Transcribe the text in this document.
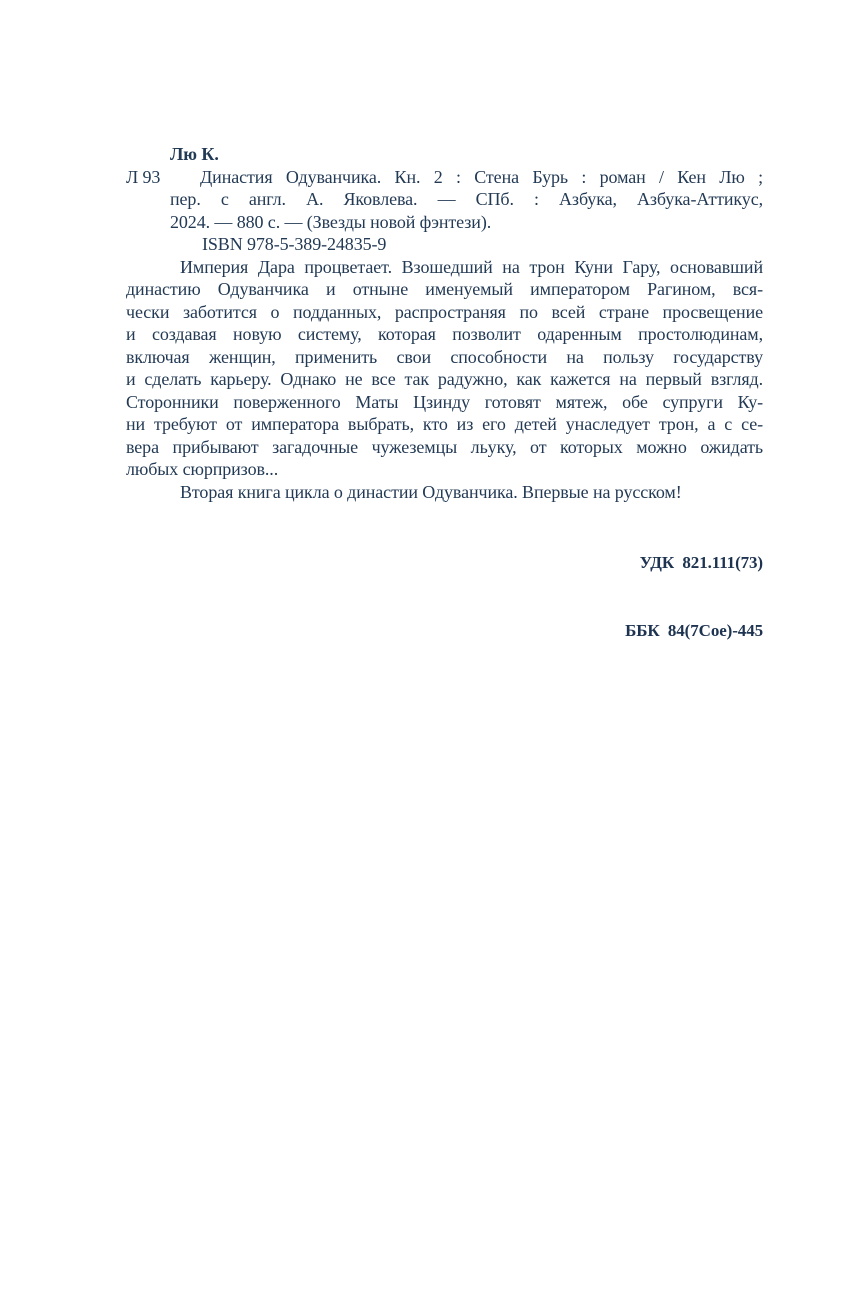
Л 93
Лю К.
Династия Одуванчика. Кн. 2 : Стена Бурь : роман / Кен Лю ;
пер. с англ. А. Яковлева. — СПб. : Азбука, Азбука-Аттикус,
2024. — 880 с. — (Звезды новой фэнтези).
ISBN 978-5-389-24835-9
Империя Дара процветает. Взошедший на трон Куни Гару, основавший
династию Одуванчика и отныне именуемый императором Рагином, вся-
чески заботится о подданных, распространяя по всей стране просвещение
и создавая новую систему, которая позволит одаренным простолюдинам,
включая женщин, применить свои способности на пользу государству
и сделать карьеру. Однако не все так радужно, как кажется на первый взгляд.
Сторонники поверженного Маты Цзинду готовят мятеж, обе супруги Ку-
ни требуют от императора выбрать, кто из его детей унаследует трон, а с се-
вера прибывают загадочные чужеземцы льуку, от которых можно ожидать
любых сюрпризов...
Вторая книга цикла о династии Одуванчика. Впервые на русском!

УДК  821.111(73)

ББК  84(7Сое)-445
